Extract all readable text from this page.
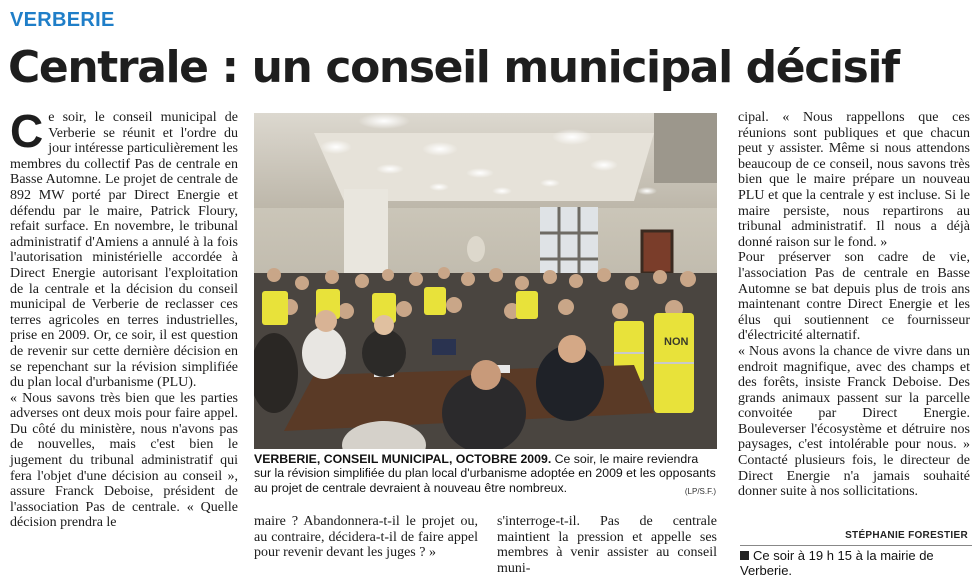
VERBERIE
Centrale : un conseil municipal décisif

Ce soir, le conseil municipal de Verberie se réunit et l'ordre du jour intéresse particulièrement les membres du collectif Pas de centrale en Basse Automne. Le projet de centrale de 892 MW porté par Direct Energie et défendu par le maire, Patrick Floury, refait surface. En novembre, le tribunal administratif d'Amiens a annulé à la fois l'autorisation ministérielle accordée à Direct Energie autorisant l'exploitation de la centrale et la décision du conseil municipal de Verberie de reclasser ces terres agricoles en terres industrielles, prise en 2009. Or, ce soir, il est question de revenir sur cette dernière décision en se repenchant sur la révision simplifiée du plan local d'urbanisme (PLU).

« Nous savons très bien que les parties adverses ont deux mois pour faire appel. Du côté du ministère, nous n'avons pas de nouvelles, mais c'est bien le jugement du tribunal administratif qui fera l'objet d'une décision au conseil », assure Franck Deboise, président de l'association Pas de centrale. « Quelle décision prendra le

NON
VERBERIE, CONSEIL MUNICIPAL, OCTOBRE 2009. Ce soir, le maire reviendra sur la révision simplifiée du plan local d'urbanisme adoptée en 2009 et les opposants au projet de centrale devraient à nouveau être nombreux.	(LP/S.F.)
maire ? Abandonnera-t-il le projet ou, au contraire, décidera-t-il de faire appel pour revenir devant les juges ? »
s'interroge-t-il. Pas de centrale maintient la pression et appelle ses membres à venir assister au conseil muni-

cipal. « Nous rappellons que ces réunions sont publiques et que chacun peut y assister. Même si nous attendons beaucoup de ce conseil, nous savons très bien que le maire prépare un nouveau PLU et que la centrale y est incluse. Si le maire persiste, nous repartirons au tribunal administratif. Il nous a déjà donné raison sur le fond. »

Pour préserver son cadre de vie, l'association Pas de centrale en Basse Automne se bat depuis plus de trois ans maintenant contre Direct Energie et les élus qui soutiennent ce fournisseur d'électricité alternatif.

« Nous avons la chance de vivre dans un endroit magnifique, avec des champs et des forêts, insiste Franck Deboise. Des grands animaux passent sur la parcelle convoitée par Direct Energie. Bouleverser l'écosystème et détruire nos paysages, c'est intolérable pour nous. » Contacté plusieurs fois, le directeur de Direct Energie n'a jamais souhaité donner suite à nos sollicitations.

STÉPHANIE FORESTIER
Ce soir à 19 h 15 à la mairie de Verberie.
